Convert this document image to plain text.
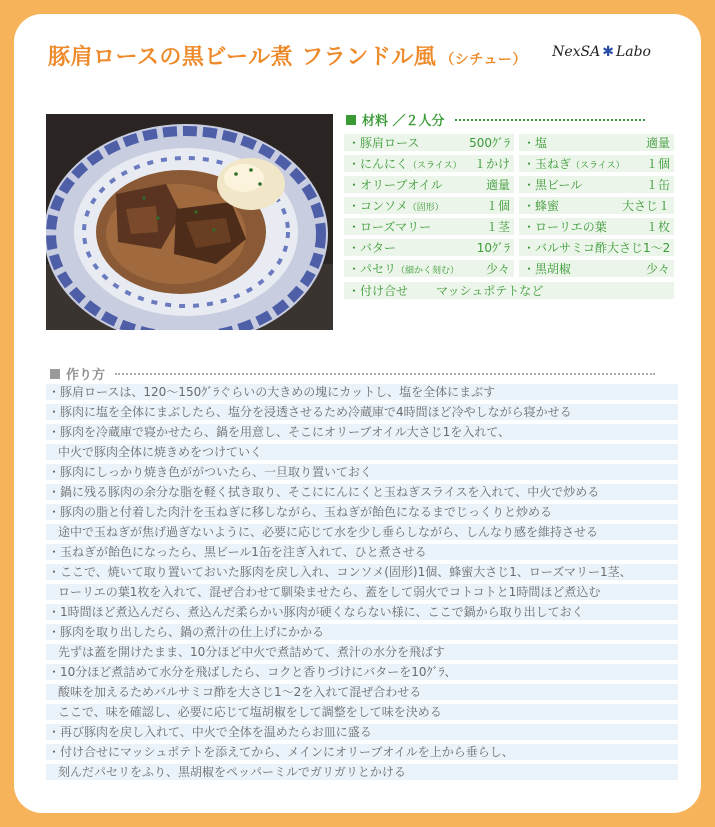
豚肩ロースの黒ビール煮 フランドル風 （シチュー） NexSA ✱ Labo
材料 ／２人分
・豚肩ロース	500ｸﾞﾗ
・にんにく（スライス） １かけ
・オリーブオイル	適量
・コンソメ（固形）	１個
・ローズマリー	１茎
・バター	10ｸﾞﾗ
・パセリ（細かく刻む） 少々
・塩	適量
・玉ねぎ（スライス） １個
・黒ビール	１缶
・蜂蜜	大さじ１
・ローリエの葉	１枚
・バルサミコ酢 大さじ1〜2
・黒胡椒	少々
・付け合せ マッシュポテトなど
作り方
・豚肩ロースは、120〜150ｸﾞﾗぐらいの大きめの塊にカットし、塩を全体にまぶす
・豚肉に塩を全体にまぶしたら、塩分を浸透させるため冷蔵庫で4時間ほど冷やしながら寝かせる
・豚肉を冷蔵庫で寝かせたら、鍋を用意し、そこにオリーブオイル大さじ1を入れて、
中火で豚肉全体に焼きめをつけていく
・豚肉にしっかり焼き色ががついたら、一旦取り置いておく
・鍋に残る豚肉の余分な脂を軽く拭き取り、そこににんにくと玉ねぎスライスを入れて、中火で炒める
・豚肉の脂と付着した肉汁を玉ねぎに移しながら、玉ねぎが飴色になるまでじっくりと炒める
途中で玉ねぎが焦げ過ぎないように、必要に応じて水を少し垂らしながら、しんなり感を維持させる
・玉ねぎが飴色になったら、黒ビール1缶を注ぎ入れて、ひと煮させる
・ここで、焼いて取り置いておいた豚肉を戻し入れ、コンソメ(固形)1個、蜂蜜大さじ1、ローズマリー1茎、
ローリエの葉1枚を入れて、混ぜ合わせて馴染ませたら、蓋をして弱火でコトコトと1時間ほど煮込む
・1時間ほど煮込んだら、煮込んだ柔らかい豚肉が硬くならない様に、ここで鍋から取り出しておく
・豚肉を取り出したら、鍋の煮汁の仕上げにかかる
先ずは蓋を開けたまま、10分ほど中火で煮詰めて、煮汁の水分を飛ばす
・10分ほど煮詰めて水分を飛ばしたら、コクと香りづけにバターを10ｸﾞﾗ、
酸味を加えるためバルサミコ酢を大さじ1〜2を入れて混ぜ合わせる
ここで、味を確認し、必要に応じて塩胡椒をして調整をして味を決める
・再び豚肉を戻し入れて、中火で全体を温めたらお皿に盛る
・付け合せにマッシュポテトを添えてから、メインにオリーブオイルを上から垂らし、
刻んだパセリをふり、黒胡椒をペッパーミルでガリガリとかける
